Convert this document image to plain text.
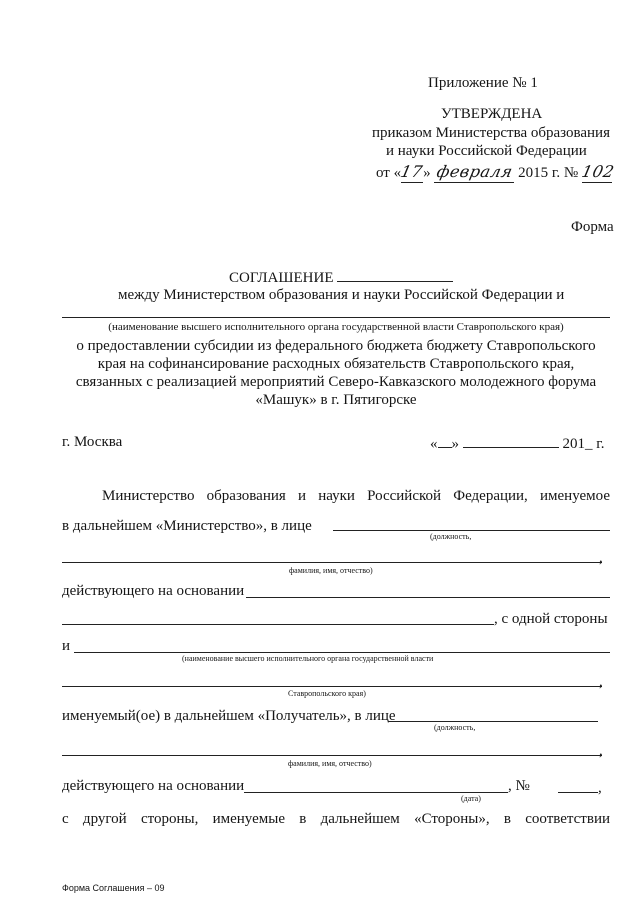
Приложение № 1
УТВЕРЖДЕНА
приказом Министерства образования
и науки Российской Федерации
от «17» февраля 2015 г. № 102
Форма
СОГЛАШЕНИЕ
между Министерством образования и науки Российской Федерации и
(наименование высшего исполнительного органа государственной власти Ставропольского края)
о предоставлении субсидии из федерального бюджета бюджету Ставропольского
края на софинансирование расходных обязательств Ставропольского края,
связанных с реализацией мероприятий Северо-Кавказского молодежного форума
«Машук» в г. Пятигорске
г. Москва	« »	201_ г.
Министерство образования и науки Российской Федерации, именуемое
в дальнейшем «Министерство», в лице
(должность,
,
фамилия, имя, отчество)
действующего на основании
, с одной стороны
и
(наименование высшего исполнительного органа государственной власти
,
Ставропольского края)
именуемый(ое) в дальнейшем «Получатель», в лице
(должность,
,
фамилия, имя, отчество)
действующего на основании
(дата)
, №	,
с другой стороны, именуемые в дальнейшем «Стороны», в соответствии
Форма Соглашения – 09
